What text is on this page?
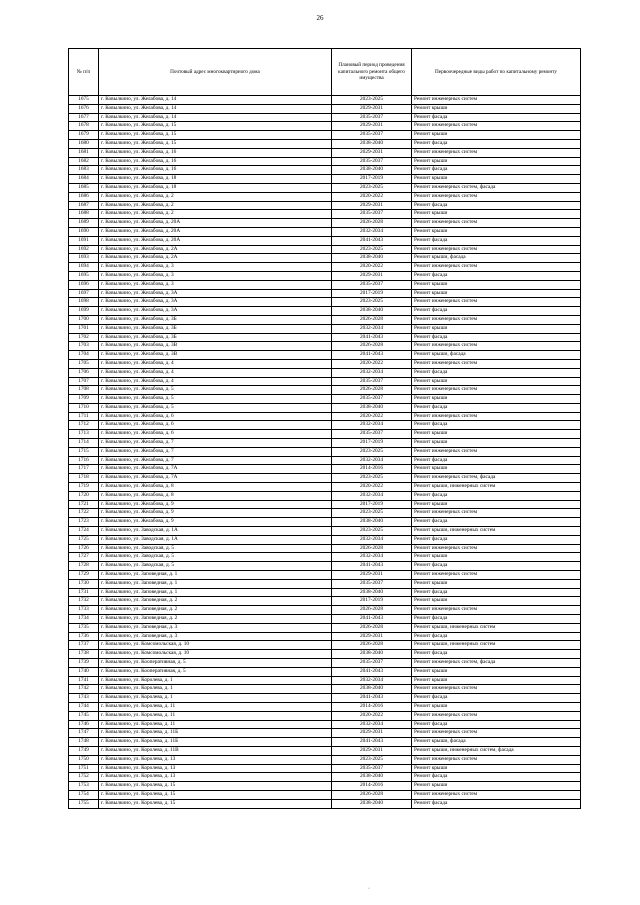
26
№ п/п	Почтовый адрес многоквартирного дома	Плановый период проведения капитального ремонта общего имущества	Первоочередные виды работ по капитальному ремонту
1675	г. Ковылкино, ул. Желабова, д. 14	2023-2025	Ремонт инженерных систем
1676	г. Ковылкино, ул. Желабова, д. 14	2029-2031	Ремонт крыши
1677	г. Ковылкино, ул. Желабова, д. 14	2035-2037	Ремонт фасада
1678	г. Ковылкино, ул. Желабова, д. 15	2029-2031	Ремонт инженерных систем
1679	г. Ковылкино, ул. Желабова, д. 15	2035-2037	Ремонт крыши
1680	г. Ковылкино, ул. Желабова, д. 15	2038-2040	Ремонт фасада
1681	г. Ковылкино, ул. Желабова, д. 16	2029-2031	Ремонт инженерных систем
1682	г. Ковылкино, ул. Желабова, д. 16	2035-2037	Ремонт крыши
1683	г. Ковылкино, ул. Желабова, д. 16	2038-2040	Ремонт фасада
1684	г. Ковылкино, ул. Желабова, д. 18	2017-2019	Ремонт крыши
1685	г. Ковылкино, ул. Желабова, д. 18	2023-2025	Ремонт инженерных систем, фасада
1686	г. Ковылкино, ул. Желабова, д. 2	2020-2022	Ремонт инженерных систем
1687	г. Ковылкино, ул. Желабова, д. 2	2029-2031	Ремонт фасада
1688	г. Ковылкино, ул. Желабова, д. 2	2035-2037	Ремонт крыши
1689	г. Ковылкино, ул. Желабова, д. 20А	2026-2028	Ремонт инженерных систем
1690	г. Ковылкино, ул. Желабова, д. 20А	2032-2034	Ремонт крыши
1691	г. Ковылкино, ул. Желабова, д. 20А	2041-2043	Ремонт фасада
1692	г. Ковылкино, ул. Желабова, д. 2А	2023-2025	Ремонт инженерных систем
1693	г. Ковылкино, ул. Желабова, д. 2А	2038-2040	Ремонт крыши, фасада
1694	г. Ковылкино, ул. Желабова, д. 3	2020-2022	Ремонт инженерных систем
1695	г. Ковылкино, ул. Желабова, д. 3	2029-2031	Ремонт фасада
1696	г. Ковылкино, ул. Желабова, д. 3	2035-2037	Ремонт крыши
1697	г. Ковылкино, ул. Желабова, д. 3А	2017-2019	Ремонт крыши
1698	г. Ковылкино, ул. Желабова, д. 3А	2023-2025	Ремонт инженерных систем
1699	г. Ковылкино, ул. Желабова, д. 3А	2038-2040	Ремонт фасада
1700	г. Ковылкино, ул. Желабова, д. 3Б	2026-2028	Ремонт инженерных систем
1701	г. Ковылкино, ул. Желабова, д. 3Б	2032-2034	Ремонт крыши
1702	г. Ковылкино, ул. Желабова, д. 3Б	2041-2043	Ремонт фасада
1703	г. Ковылкино, ул. Желабова, д. 3В	2026-2028	Ремонт инженерных систем
1704	г. Ковылкино, ул. Желабова, д. 3В	2041-2043	Ремонт крыши, фасада
1705	г. Ковылкино, ул. Желабова, д. 4	2020-2022	Ремонт инженерных систем
1706	г. Ковылкино, ул. Желабова, д. 4	2032-2034	Ремонт фасада
1707	г. Ковылкино, ул. Желабова, д. 4	2035-2037	Ремонт крыши
1708	г. Ковылкино, ул. Желабова, д. 5	2026-2028	Ремонт инженерных систем
1709	г. Ковылкино, ул. Желабова, д. 5	2035-2037	Ремонт крыши
1710	г. Ковылкино, ул. Желабова, д. 5	2038-2040	Ремонт фасада
1711	г. Ковылкино, ул. Желабова, д. 6	2020-2022	Ремонт инженерных систем
1712	г. Ковылкино, ул. Желабова, д. 6	2032-2034	Ремонт фасада
1713	г. Ковылкино, ул. Желабова, д. 6	2035-2037	Ремонт крыши
1714	г. Ковылкино, ул. Желабова, д. 7	2017-2019	Ремонт крыши
1715	г. Ковылкино, ул. Желабова, д. 7	2023-2025	Ремонт инженерных систем
1716	г. Ковылкино, ул. Желабова, д. 7	2032-2034	Ремонт фасада
1717	г. Ковылкино, ул. Желабова, д. 7А	2014-2016	Ремонт крыши
1718	г. Ковылкино, ул. Желабова, д. 7А	2023-2025	Ремонт инженерных систем, фасада
1719	г. Ковылкино, ул. Желабова, д. 8	2020-2022	Ремонт крыши, инженерных систем
1720	г. Ковылкино, ул. Желабова, д. 8	2032-2034	Ремонт фасада
1721	г. Ковылкино, ул. Желабова, д. 9	2017-2019	Ремонт крыши
1722	г. Ковылкино, ул. Желабова, д. 9	2023-2025	Ремонт инженерных систем
1723	г. Ковылкино, ул. Желабова, д. 9	2038-2040	Ремонт фасада
1724	г. Ковылкино, ул. Заводская, д. 1А	2023-2025	Ремонт крыши, инженерных систем
1725	г. Ковылкино, ул. Заводская, д. 1А	2032-2034	Ремонт фасада
1726	г. Ковылкино, ул. Заводская, д. 5	2026-2028	Ремонт инженерных систем
1727	г. Ковылкино, ул. Заводская, д. 5	2032-2034	Ремонт крыши
1728	г. Ковылкино, ул. Заводская, д. 5	2041-2043	Ремонт фасада
1729	г. Ковылкино, ул. Заповедная, д. 1	2029-2031	Ремонт инженерных систем
1730	г. Ковылкино, ул. Заповедная, д. 1	2035-2037	Ремонт крыши
1731	г. Ковылкино, ул. Заповедная, д. 1	2038-2040	Ремонт фасада
1732	г. Ковылкино, ул. Заповедная, д. 2	2017-2019	Ремонт крыши
1733	г. Ковылкино, ул. Заповедная, д. 2	2026-2028	Ремонт инженерных систем
1734	г. Ковылкино, ул. Заповедная, д. 2	2041-2043	Ремонт фасада
1735	г. Ковылкино, ул. Заповедная, д. 3	2026-2028	Ремонт крыши, инженерных систем
1736	г. Ковылкино, ул. Заповедная, д. 3	2029-2031	Ремонт фасада
1737	г. Ковылкино, ул. Комсомольская, д. 10	2026-2028	Ремонт крыши, инженерных систем
1738	г. Ковылкино, ул. Комсомольская, д. 10	2038-2040	Ремонт фасада
1739	г. Ковылкино, ул. Кооперативная, д. 5	2035-2037	Ремонт инженерных систем, фасада
1740	г. Ковылкино, ул. Кооперативная, д. 5	2041-2043	Ремонт крыши
1741	г. Ковылкино, ул. Королева, д. 1	2032-2034	Ремонт крыши
1742	г. Ковылкино, ул. Королева, д. 1	2038-2040	Ремонт инженерных систем
1743	г. Ковылкино, ул. Королева, д. 1	2041-2043	Ремонт фасада
1744	г. Ковылкино, ул. Королева, д. 11	2014-2016	Ремонт крыши
1745	г. Ковылкино, ул. Королева, д. 11	2020-2022	Ремонт инженерных систем
1746	г. Ковылкино, ул. Королева, д. 11	2032-2034	Ремонт фасада
1747	г. Ковылкино, ул. Королева, д. 11Б	2029-2031	Ремонт инженерных систем
1748	г. Ковылкино, ул. Королева, д. 11Б	2041-2043	Ремонт крыши, фасада
1749	г. Ковылкино, ул. Королева, д. 11В	2029-2031	Ремонт крыши, инженерных систем, фасада
1750	г. Ковылкино, ул. Королева, д. 13	2023-2025	Ремонт инженерных систем
1751	г. Ковылкино, ул. Королева, д. 13	2035-2037	Ремонт крыши
1752	г. Ковылкино, ул. Королева, д. 13	2038-2040	Ремонт фасада
1753	г. Ковылкино, ул. Королева, д. 15	2014-2016	Ремонт крыши
1754	г. Ковылкино, ул. Королева, д. 15	2026-2028	Ремонт инженерных систем
1755	г. Ковылкино, ул. Королева, д. 15	2038-2040	Ремонт фасада
·
